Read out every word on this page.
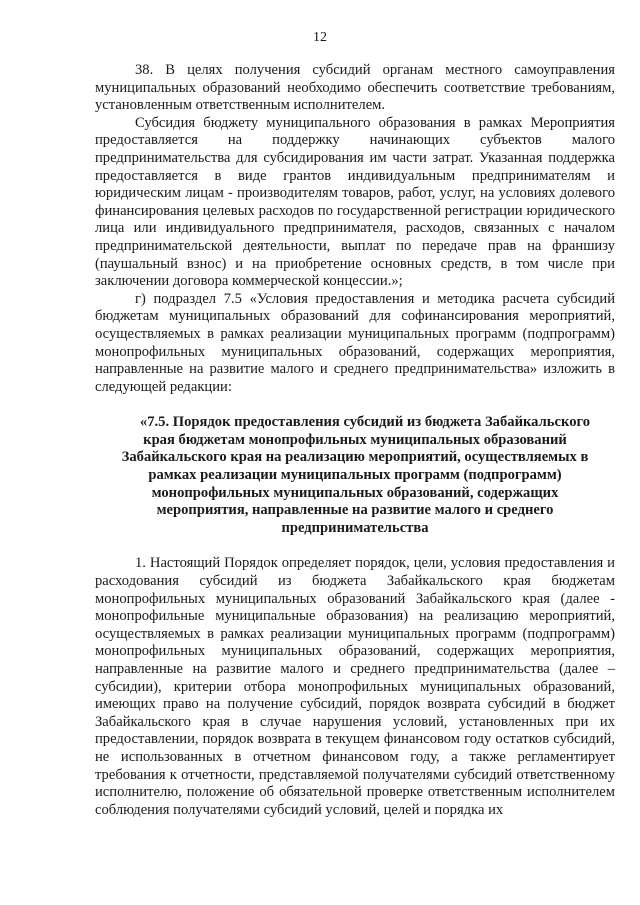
12

38. В целях получения субсидий органам местного самоуправления муниципальных образований необходимо обеспечить соответствие требованиям, установленным ответственным исполнителем.

Субсидия бюджету муниципального образования в рамках Мероприятия предоставляется на поддержку начинающих субъектов малого предпринимательства для субсидирования им части затрат. Указанная поддержка предоставляется в виде грантов индивидуальным предпринимателям и юридическим лицам - производителям товаров, работ, услуг, на условиях долевого финансирования целевых расходов по государственной регистрации юридического лица или индивидуального предпринимателя, расходов, связанных с началом предпринимательской деятельности, выплат по передаче прав на франшизу (паушальный взнос) и на приобретение основных средств, в том числе при заключении договора коммерческой концессии.»;

г) подраздел 7.5 «Условия предоставления и методика расчета субсидий бюджетам муниципальных образований для софинансирования мероприятий, осуществляемых в рамках реализации муниципальных программ (подпрограмм) монопрофильных муниципальных образований, содержащих мероприятия, направленные на развитие малого и среднего предпринимательства» изложить в следующей редакции:

«7.5. Порядок предоставления субсидий из бюджета Забайкальского
края бюджетам монопрофильных муниципальных образований
Забайкальского края на реализацию мероприятий, осуществляемых в
рамках реализации муниципальных программ (подпрограмм)
монопрофильных муниципальных образований, содержащих
мероприятия, направленные на развитие малого и среднего
предпринимательства

1. Настоящий Порядок определяет порядок, цели, условия предоставления и расходования субсидий из бюджета Забайкальского края бюджетам монопрофильных муниципальных образований Забайкальского края (далее - монопрофильные муниципальные образования) на реализацию мероприятий, осуществляемых в рамках реализации муниципальных программ (подпрограмм) монопрофильных муниципальных образований, содержащих мероприятия, направленные на развитие малого и среднего предпринимательства (далее – субсидии), критерии отбора монопрофильных муниципальных образований, имеющих право на получение субсидий, порядок возврата субсидий в бюджет Забайкальского края в случае нарушения условий, установленных при их предоставлении, порядок возврата в текущем финансовом году остатков субсидий, не использованных в отчетном финансовом году, а также регламентирует требования к отчетности, представляемой получателями субсидий ответственному исполнителю, положение об обязательной проверке ответственным исполнителем соблюдения получателями субсидий условий, целей и порядка их
